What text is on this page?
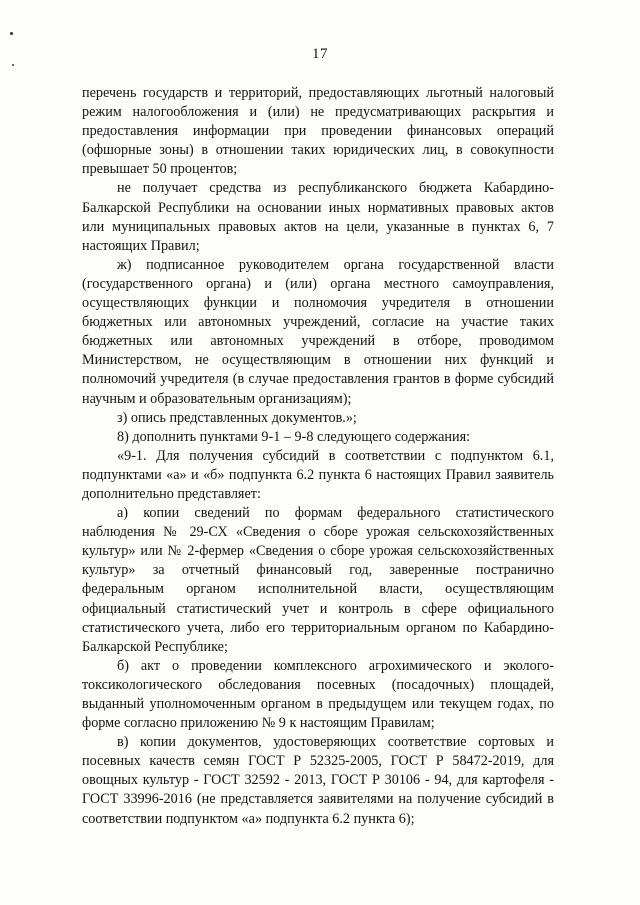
17

перечень государств и территорий, предоставляющих льготный налоговый режим налогообложения и (или) не предусматривающих раскрытия и предоставления информации при проведении финансовых операций (офшорные зоны) в отношении таких юридических лиц, в совокупности превышает 50 процентов;

не получает средства из республиканского бюджета Кабардино-Балкарской Республики на основании иных нормативных правовых актов или муниципальных правовых актов на цели, указанные в пунктах 6, 7 настоящих Правил;

ж) подписанное руководителем органа государственной власти (государственного органа) и (или) органа местного самоуправления, осуществляющих функции и полномочия учредителя в отношении бюджетных или автономных учреждений, согласие на участие таких бюджетных или автономных учреждений в отборе, проводимом Министерством, не осуществляющим в отношении них функций и полномочий учредителя (в случае предоставления грантов в форме субсидий научным и образовательным организациям);

з) опись представленных документов.»;

8) дополнить пунктами 9-1 – 9-8 следующего содержания:

«9-1. Для получения субсидий в соответствии с подпунктом 6.1, подпунктами «а» и «б» подпункта 6.2 пункта 6 настоящих Правил заявитель дополнительно представляет:

а) копии сведений по формам федерального статистического наблюдения № 29-СХ «Сведения о сборе урожая сельскохозяйственных культур» или № 2-фермер «Сведения о сборе урожая сельскохозяйственных культур» за отчетный финансовый год, заверенные постранично федеральным органом исполнительной власти, осуществляющим официальный статистический учет и контроль в сфере официального статистического учета, либо его территориальным органом по Кабардино-Балкарской Республике;

б) акт о проведении комплексного агрохимического и эколого-токсикологического обследования посевных (посадочных) площадей, выданный уполномоченным органом в предыдущем или текущем годах, по форме согласно приложению № 9 к настоящим Правилам;

в) копии документов, удостоверяющих соответствие сортовых и посевных качеств семян ГОСТ Р 52325-2005, ГОСТ Р 58472-2019, для овощных культур - ГОСТ 32592 - 2013, ГОСТ Р 30106 - 94, для картофеля - ГОСТ 33996-2016 (не представляется заявителями на получение субсидий в соответствии подпунктом «а» подпункта 6.2 пункта 6);
